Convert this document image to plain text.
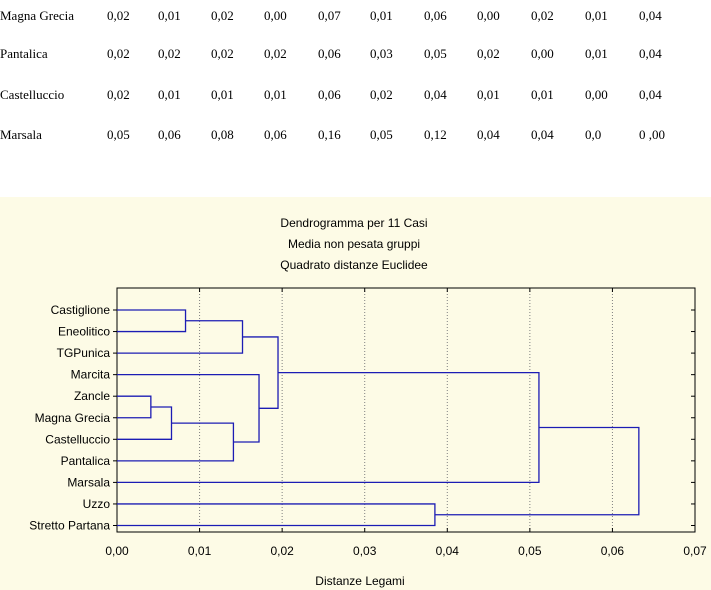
Magna Grecia	0,02 0,01 0,02 0,00 0,07 0,01 0,06 0,00 0,02 0,01 0,04
Pantalica	0,02 0,02 0,02 0,02 0,06 0,03 0,05 0,02 0,00 0,01 0,04
Castelluccio	0,02 0,01 0,01 0,01 0,06 0,02 0,04 0,01 0,01 0,00 0,04
Marsala	0,05 0,06 0,08 0,06 0,16 0,05 0,12 0,04 0,04 0,0	0 ,00
Dendrogramma per 11 Casi
Media non pesata gruppi
Quadrato distanze Euclidee
Castiglione
Eneolitico
TGPunica
Marcita
Zancle
Magna Grecia
Castelluccio
Pantalica
Marsala
Uzzo
Stretto Partana
0,00	0,01	0,02	0,03	0,04	0,05	0,06	0,07
Distanze Legami
